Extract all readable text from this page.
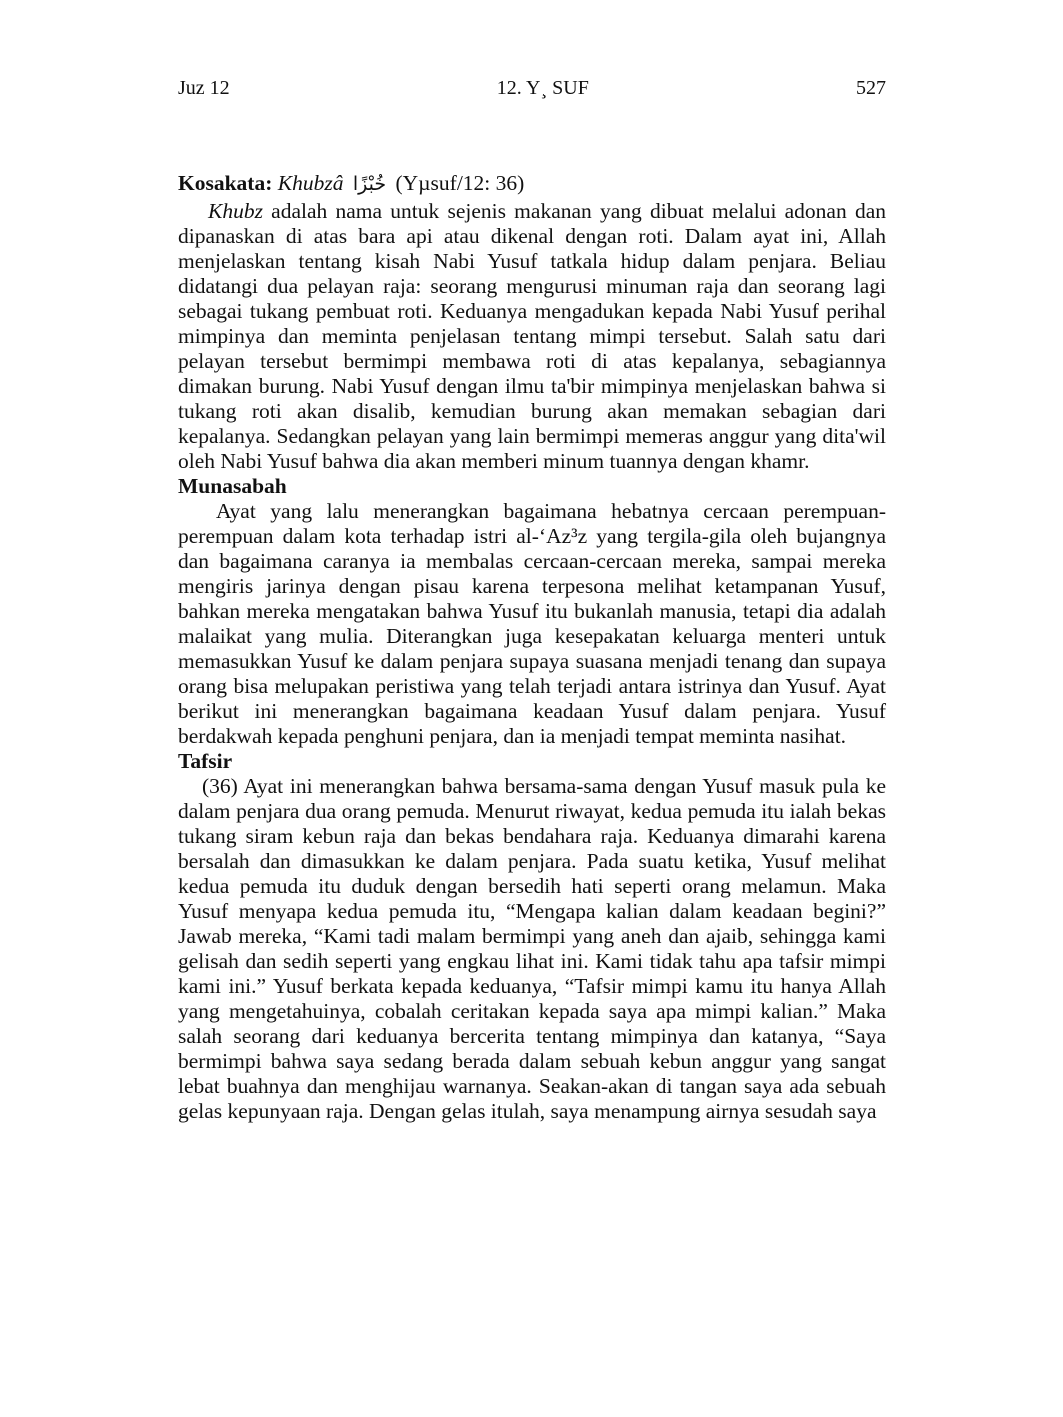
Juz 12	12. Y¸ SUF	527
Kosakata: Khubzâ خُبْزًا (Yµsuf/12: 36)

Khubz adalah nama untuk sejenis makanan yang dibuat melalui adonan dan dipanaskan di atas bara api atau dikenal dengan roti. Dalam ayat ini, Allah menjelaskan tentang kisah Nabi Yusuf tatkala hidup dalam penjara. Beliau didatangi dua pelayan raja: seorang mengurusi minuman raja dan seorang lagi sebagai tukang pembuat roti. Keduanya mengadukan kepada Nabi Yusuf perihal mimpinya dan meminta penjelasan tentang mimpi tersebut. Salah satu dari pelayan tersebut bermimpi membawa roti di atas kepalanya, sebagiannya dimakan burung. Nabi Yusuf dengan ilmu ta'bir mimpinya menjelaskan bahwa si tukang roti akan disalib, kemudian burung akan memakan sebagian dari kepalanya. Sedangkan pelayan yang lain bermimpi memeras anggur yang dita'wil oleh Nabi Yusuf bahwa dia akan memberi minum tuannya dengan khamr.

Munasabah

Ayat yang lalu menerangkan bagaimana hebatnya cercaan perempuan-perempuan dalam kota terhadap istri al-‘Az³z yang tergila-gila oleh bujangnya dan bagaimana caranya ia membalas cercaan-cercaan mereka, sampai mereka mengiris jarinya dengan pisau karena terpesona melihat ketampanan Yusuf, bahkan mereka mengatakan bahwa Yusuf itu bukanlah manusia, tetapi dia adalah malaikat yang mulia. Diterangkan juga kesepakatan keluarga menteri untuk memasukkan Yusuf ke dalam penjara supaya suasana menjadi tenang dan supaya orang bisa melupakan peristiwa yang telah terjadi antara istrinya dan Yusuf. Ayat berikut ini menerangkan bagaimana keadaan Yusuf dalam penjara. Yusuf berdakwah kepada penghuni penjara, dan ia menjadi tempat meminta nasihat.

Tafsir

(36) Ayat ini menerangkan bahwa bersama-sama dengan Yusuf masuk pula ke dalam penjara dua orang pemuda. Menurut riwayat, kedua pemuda itu ialah bekas tukang siram kebun raja dan bekas bendahara raja. Keduanya dimarahi karena bersalah dan dimasukkan ke dalam penjara. Pada suatu ketika, Yusuf melihat kedua pemuda itu duduk dengan bersedih hati seperti orang melamun. Maka Yusuf menyapa kedua pemuda itu, “Mengapa kalian dalam keadaan begini?” Jawab mereka, “Kami tadi malam bermimpi yang aneh dan ajaib, sehingga kami gelisah dan sedih seperti yang engkau lihat ini. Kami tidak tahu apa tafsir mimpi kami ini.” Yusuf berkata kepada keduanya, “Tafsir mimpi kamu itu hanya Allah yang mengetahuinya, cobalah ceritakan kepada saya apa mimpi kalian.” Maka salah seorang dari keduanya bercerita tentang mimpinya dan katanya, “Saya bermimpi bahwa saya sedang berada dalam sebuah kebun anggur yang sangat lebat buahnya dan menghijau warnanya. Seakan-akan di tangan saya ada sebuah gelas kepunyaan raja. Dengan gelas itulah, saya menampung airnya sesudah saya
